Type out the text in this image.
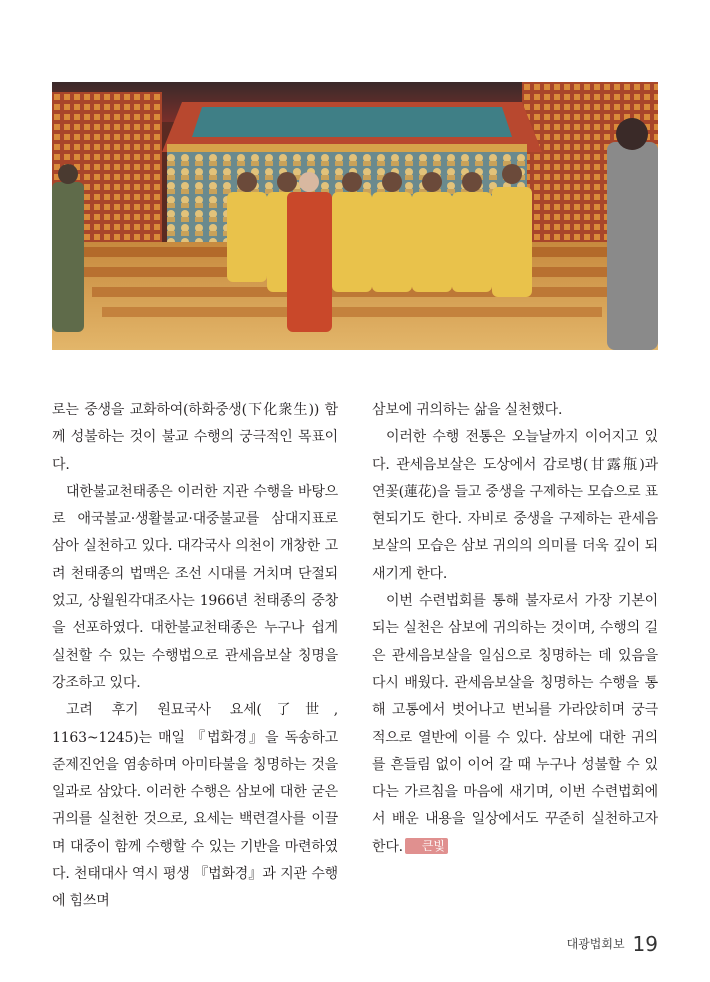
로는 중생을 교화하여(하화중생(下化衆生)) 함께 성불하는 것이 불교 수행의 궁극적인 목표이다.

대한불교천태종은 이러한 지관 수행을 바탕으로 애국불교·생활불교·대중불교를 삼대지표로 삼아 실천하고 있다. 대각국사 의천이 개창한 고려 천태종의 법맥은 조선 시대를 거치며 단절되었고, 상월원각대조사는 1966년 천태종의 중창을 선포하였다. 대한불교천태종은 누구나 쉽게 실천할 수 있는 수행법으로 관세음보살 칭명을 강조하고 있다.

고려 후기 원묘국사 요세(了世, 1163~1245)는 매일 『법화경』을 독송하고 준제진언을 염송하며 아미타불을 칭명하는 것을 일과로 삼았다. 이러한 수행은 삼보에 대한 굳은 귀의를 실천한 것으로, 요세는 백련결사를 이끌며 대중이 함께 수행할 수 있는 기반을 마련하였다. 천태대사 역시 평생 『법화경』과 지관 수행에 힘쓰며

삼보에 귀의하는 삶을 실천했다.

이러한 수행 전통은 오늘날까지 이어지고 있다. 관세음보살은 도상에서 감로병(甘露甁)과 연꽃(蓮花)을 들고 중생을 구제하는 모습으로 표현되기도 한다. 자비로 중생을 구제하는 관세음보살의 모습은 삼보 귀의의 의미를 더욱 깊이 되새기게 한다.

이번 수련법회를 통해 불자로서 가장 기본이 되는 실천은 삼보에 귀의하는 것이며, 수행의 길은 관세음보살을 일심으로 칭명하는 데 있음을 다시 배웠다. 관세음보살을 칭명하는 수행을 통해 고통에서 벗어나고 번뇌를 가라앉히며 궁극적으로 열반에 이를 수 있다. 삼보에 대한 귀의를 흔들림 없이 이어 갈 때 누구나 성불할 수 있다는 가르침을 마음에 새기며, 이번 수련법회에서 배운 내용을 일상에서도 꾸준히 실천하고자 한다. 큰빛

대광법회보 19
